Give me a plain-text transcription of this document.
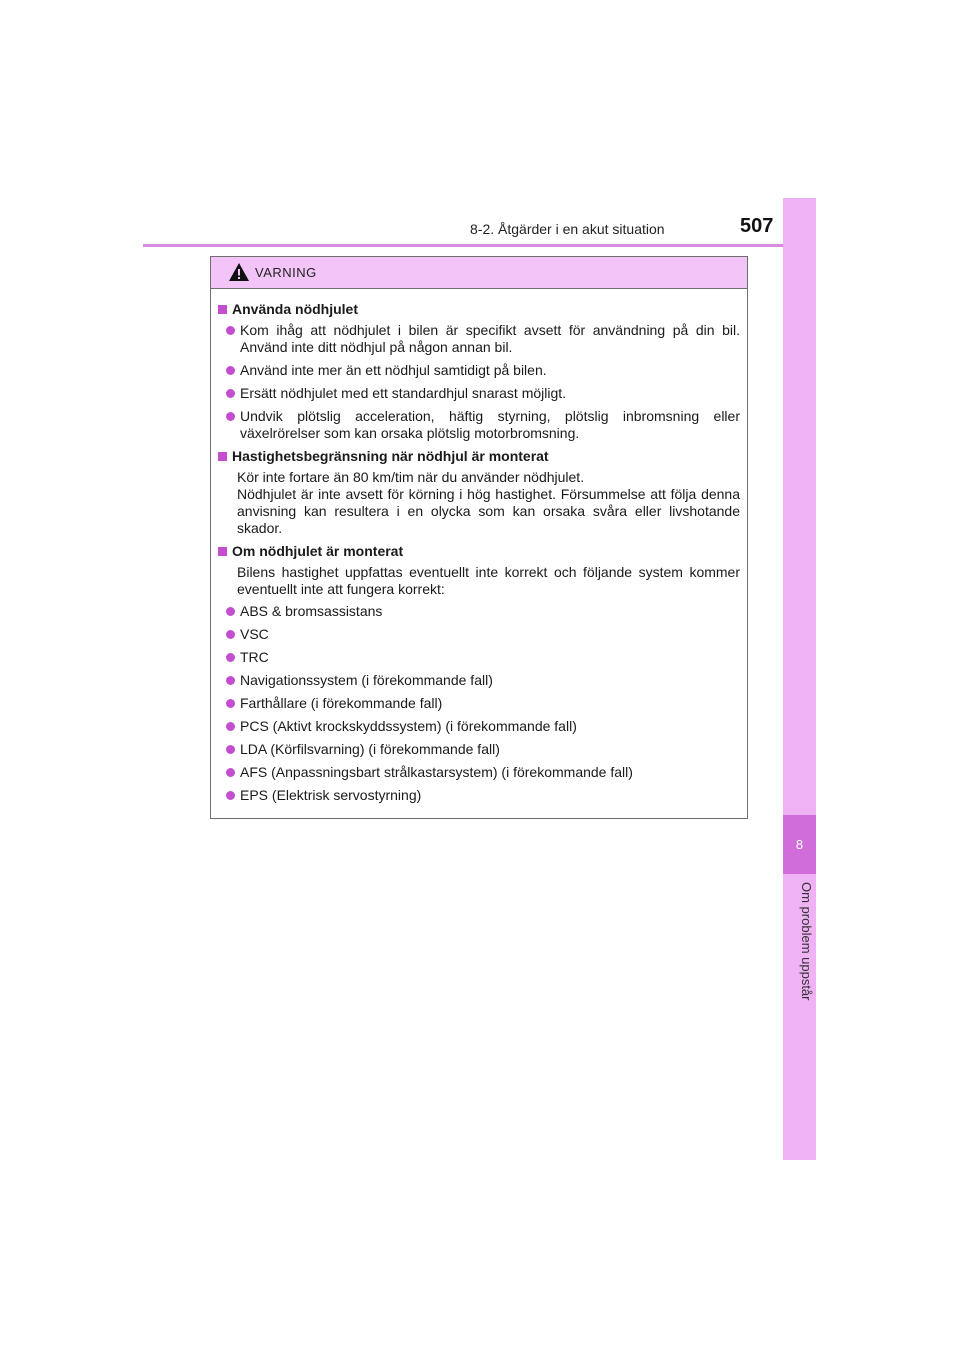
8-2. Åtgärder i en akut situation	507
8
Om problem uppstår
VARNING
Använda nödhjulet
Kom ihåg att nödhjulet i bilen är specifikt avsett för användning på din bil. Använd inte ditt nödhjul på någon annan bil.
Använd inte mer än ett nödhjul samtidigt på bilen.
Ersätt nödhjulet med ett standardhjul snarast möjligt.
Undvik plötslig acceleration, häftig styrning, plötslig inbromsning eller växelrörelser som kan orsaka plötslig motorbromsning.
Hastighetsbegränsning när nödhjul är monterat
Kör inte fortare än 80 km/tim när du använder nödhjulet.
Nödhjulet är inte avsett för körning i hög hastighet. Försummelse att följa denna anvisning kan resultera i en olycka som kan orsaka svåra eller livshotande skador.
Om nödhjulet är monterat
Bilens hastighet uppfattas eventuellt inte korrekt och följande system kommer eventuellt inte att fungera korrekt:
ABS & bromsassistans
VSC
TRC
Navigationssystem (i förekommande fall)
Farthållare (i förekommande fall)
PCS (Aktivt krockskyddssystem) (i förekommande fall)
LDA (Körfilsvarning) (i förekommande fall)
AFS (Anpassningsbart strålkastarsystem) (i förekommande fall)
EPS (Elektrisk servostyrning)
